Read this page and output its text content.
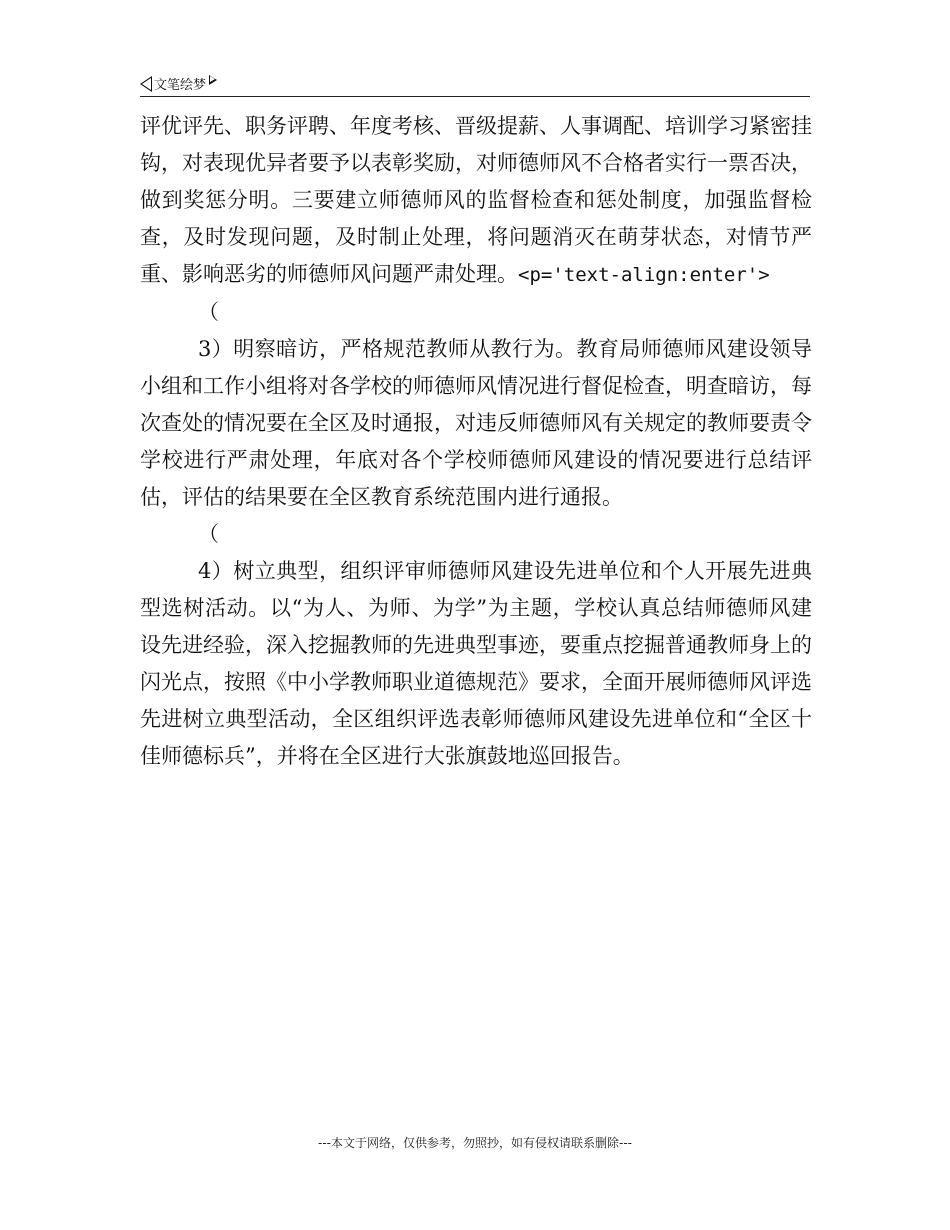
文笔绘梦

评优评先、职务评聘、年度考核、晋级提薪、人事调配、培训学习紧密挂钩，对表现优异者要予以表彰奖励，对师德师风不合格者实行一票否决，做到奖惩分明。三要建立师德师风的监督检查和惩处制度，加强监督检查，及时发现问题，及时制止处理，将问题消灭在萌芽状态，对情节严重、影响恶劣的师德师风问题严肃处理。<p='text-align:enter'>

（

3）明察暗访，严格规范教师从教行为。教育局师德师风建设领导小组和工作小组将对各学校的师德师风情况进行督促检查，明查暗访，每次查处的情况要在全区及时通报，对违反师德师风有关规定的教师要责令学校进行严肃处理，年底对各个学校师德师风建设的情况要进行总结评估，评估的结果要在全区教育系统范围内进行通报。

（

4）树立典型，组织评审师德师风建设先进单位和个人开展先进典型选树活动。以“为人、为师、为学”为主题，学校认真总结师德师风建设先进经验，深入挖掘教师的先进典型事迹，要重点挖掘普通教师身上的闪光点，按照《中小学教师职业道德规范》要求，全面开展师德师风评选先进树立典型活动，全区组织评选表彰师德师风建设先进单位和“全区十佳师德标兵”，并将在全区进行大张旗鼓地巡回报告。

---本文于网络，仅供参考，勿照抄，如有侵权请联系删除---
